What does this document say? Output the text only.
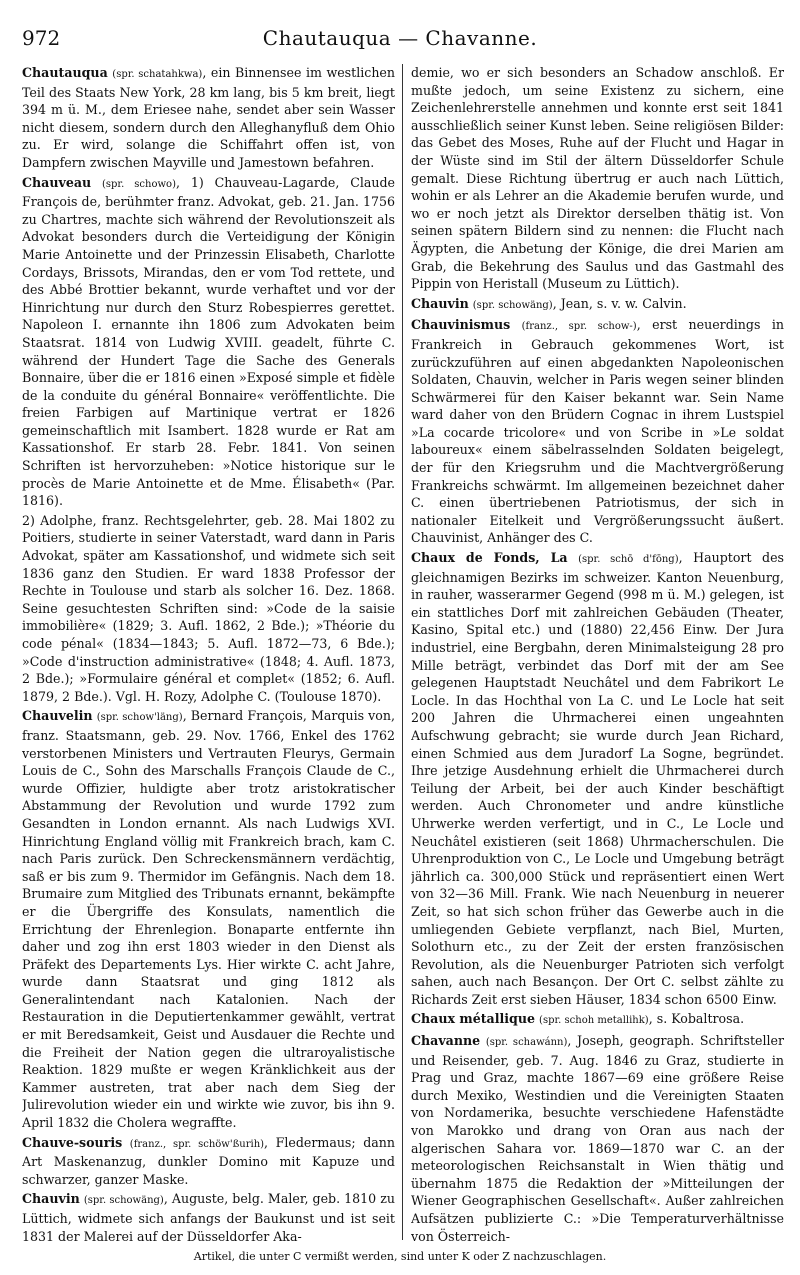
972	Chautauqua — Chavanne.

Chautauqua (spr. schatahkwa), ein Binnensee im westlichen Teil des Staats New York, 28 km lang, bis 5 km breit, liegt 394 m ü. M., dem Eriesee nahe, sendet aber sein Wasser nicht diesem, sondern durch den Alleghanyfluß dem Ohio zu. Er wird, solange die Schiffahrt offen ist, von Dampfern zwischen Mayville und Jamestown befahren.

Chauveau (spr. schowo), 1) Chauveau-Lagarde, Claude François de, berühmter franz. Advokat, geb. 21. Jan. 1756 zu Chartres, machte sich während der Revolutionszeit als Advokat besonders durch die Verteidigung der Königin Marie Antoinette und der Prinzessin Elisabeth, Charlotte Cordays, Brissots, Mirandas, den er vom Tod rettete, und des Abbé Brottier bekannt, wurde verhaftet und vor der Hinrichtung nur durch den Sturz Robespierres gerettet. Napoleon I. ernannte ihn 1806 zum Advokaten beim Staatsrat. 1814 von Ludwig XVIII. geadelt, führte C. während der Hundert Tage die Sache des Generals Bonnaire, über die er 1816 einen »Exposé simple et fidèle de la conduite du général Bonnaire« veröffentlichte. Die freien Farbigen auf Martinique vertrat er 1826 gemeinschaftlich mit Isambert. 1828 wurde er Rat am Kassationshof. Er starb 28. Febr. 1841. Von seinen Schriften ist hervorzuheben: »Notice historique sur le procès de Marie Antoinette et de Mme. Élisabeth« (Par. 1816).

2) Adolphe, franz. Rechtsgelehrter, geb. 28. Mai 1802 zu Poitiers, studierte in seiner Vaterstadt, ward dann in Paris Advokat, später am Kassationshof, und widmete sich seit 1836 ganz den Studien. Er ward 1838 Professor der Rechte in Toulouse und starb als solcher 16. Dez. 1868. Seine gesuchtesten Schriften sind: »Code de la saisie immobilière« (1829; 3. Aufl. 1862, 2 Bde.); »Théorie du code pénal« (1834—1843; 5. Aufl. 1872—73, 6 Bde.); »Code d'instruction administrative« (1848; 4. Aufl. 1873, 2 Bde.); »Formulaire général et complet« (1852; 6. Aufl. 1879, 2 Bde.). Vgl. H. Rozy, Adolphe C. (Toulouse 1870).

Chauvelin (spr. schow'läng), Bernard François, Marquis von, franz. Staatsmann, geb. 29. Nov. 1766, Enkel des 1762 verstorbenen Ministers und Vertrauten Fleurys, Germain Louis de C., Sohn des Marschalls François Claude de C., wurde Offizier, huldigte aber trotz aristokratischer Abstammung der Revolution und wurde 1792 zum Gesandten in London ernannt. Als nach Ludwigs XVI. Hinrichtung England völlig mit Frankreich brach, kam C. nach Paris zurück. Den Schreckensmännern verdächtig, saß er bis zum 9. Thermidor im Gefängnis. Nach dem 18. Brumaire zum Mitglied des Tribunats ernannt, bekämpfte er die Übergriffe des Konsulats, namentlich die Errichtung der Ehrenlegion. Bonaparte entfernte ihn daher und zog ihn erst 1803 wieder in den Dienst als Präfekt des Departements Lys. Hier wirkte C. acht Jahre, wurde dann Staatsrat und ging 1812 als Generalintendant nach Katalonien. Nach der Restauration in die Deputiertenkammer gewählt, vertrat er mit Beredsamkeit, Geist und Ausdauer die Rechte und die Freiheit der Nation gegen die ultraroyalistische Reaktion. 1829 mußte er wegen Kränklichkeit aus der Kammer austreten, trat aber nach dem Sieg der Julirevolution wieder ein und wirkte wie zuvor, bis ihn 9. April 1832 die Cholera wegraffte.

Chauve-souris (franz., spr. schöw'ßurih), Fledermaus; dann Art Maskenanzug, dunkler Domino mit Kapuze und schwarzer, ganzer Maske.

Chauvin (spr. schowäng), Auguste, belg. Maler, geb. 1810 zu Lüttich, widmete sich anfangs der Baukunst und ist seit 1831 der Malerei auf der Düsseldorfer Aka-

demie, wo er sich besonders an Schadow anschloß. Er mußte jedoch, um seine Existenz zu sichern, eine Zeichenlehrerstelle annehmen und konnte erst seit 1841 ausschließlich seiner Kunst leben. Seine religiösen Bilder: das Gebet des Moses, Ruhe auf der Flucht und Hagar in der Wüste sind im Stil der ältern Düsseldorfer Schule gemalt. Diese Richtung übertrug er auch nach Lüttich, wohin er als Lehrer an die Akademie berufen wurde, und wo er noch jetzt als Direktor derselben thätig ist. Von seinen spätern Bildern sind zu nennen: die Flucht nach Ägypten, die Anbetung der Könige, die drei Marien am Grab, die Bekehrung des Saulus und das Gastmahl des Pippin von Heristall (Museum zu Lüttich).

Chauvin (spr. schowäng), Jean, s. v. w. Calvin.

Chauvinismus (franz., spr. schow-), erst neuerdings in Frankreich in Gebrauch gekommenes Wort, ist zurückzuführen auf einen abgedankten Napoleonischen Soldaten, Chauvin, welcher in Paris wegen seiner blinden Schwärmerei für den Kaiser bekannt war. Sein Name ward daher von den Brüdern Cognac in ihrem Lustspiel »La cocarde tricolore« und von Scribe in »Le soldat laboureux« einem säbelrasselnden Soldaten beigelegt, der für den Kriegsruhm und die Machtvergrößerung Frankreichs schwärmt. Im allgemeinen bezeichnet daher C. einen übertriebenen Patriotismus, der sich in nationaler Eitelkeit und Vergrößerungssucht äußert. Chauvinist, Anhänger des C.

Chaux de Fonds, La (spr. schō d'fōng), Hauptort des gleichnamigen Bezirks im schweizer. Kanton Neuenburg, in rauher, wasserarmer Gegend (998 m ü. M.) gelegen, ist ein stattliches Dorf mit zahlreichen Gebäuden (Theater, Kasino, Spital etc.) und (1880) 22,456 Einw. Der Jura industriel, eine Bergbahn, deren Minimalsteigung 28 pro Mille beträgt, verbindet das Dorf mit der am See gelegenen Hauptstadt Neuchâtel und dem Fabrikort Le Locle. In das Hochthal von La C. und Le Locle hat seit 200 Jahren die Uhrmacherei einen ungeahnten Aufschwung gebracht; sie wurde durch Jean Richard, einen Schmied aus dem Juradorf La Sogne, begründet. Ihre jetzige Ausdehnung erhielt die Uhrmacherei durch Teilung der Arbeit, bei der auch Kinder beschäftigt werden. Auch Chronometer und andre künstliche Uhrwerke werden verfertigt, und in C., Le Locle und Neuchâtel existieren (seit 1868) Uhrmacherschulen. Die Uhrenproduktion von C., Le Locle und Umgebung beträgt jährlich ca. 300,000 Stück und repräsentiert einen Wert von 32—36 Mill. Frank. Wie nach Neuenburg in neuerer Zeit, so hat sich schon früher das Gewerbe auch in die umliegenden Gebiete verpflanzt, nach Biel, Murten, Solothurn etc., zu der Zeit der ersten französischen Revolution, als die Neuenburger Patrioten sich verfolgt sahen, auch nach Besançon. Der Ort C. selbst zählte zu Richards Zeit erst sieben Häuser, 1834 schon 6500 Einw.

Chaux métallique (spr. schoh metallihk), s. Kobaltrosa.

Chavanne (spr. schawánn), Joseph, geograph. Schriftsteller und Reisender, geb. 7. Aug. 1846 zu Graz, studierte in Prag und Graz, machte 1867—69 eine größere Reise durch Mexiko, Westindien und die Vereinigten Staaten von Nordamerika, besuchte verschiedene Hafenstädte von Marokko und drang von Oran aus nach der algerischen Sahara vor. 1869—1870 war C. an der meteorologischen Reichsanstalt in Wien thätig und übernahm 1875 die Redaktion der »Mitteilungen der Wiener Geographischen Gesellschaft«. Außer zahlreichen Aufsätzen publizierte C.: »Die Temperaturverhältnisse von Österreich-

Artikel, die unter C vermißt werden, sind unter K oder Z nachzuschlagen.
